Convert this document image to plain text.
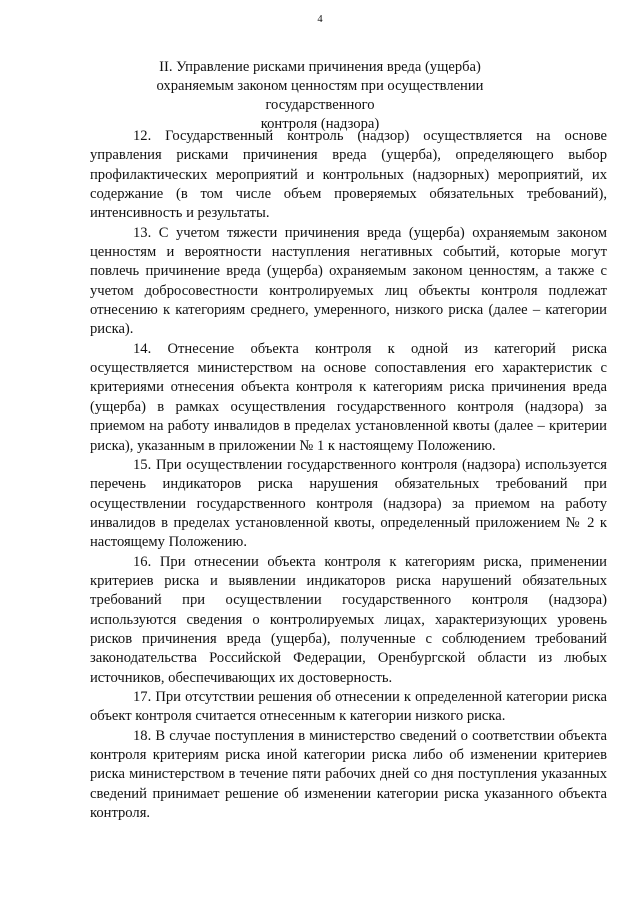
4
II. Управление рисками причинения вреда (ущерба)
охраняемым законом ценностям при осуществлении государственного
контроля (надзора)

12. Государственный контроль (надзор) осуществляется на основе управления рисками причинения вреда (ущерба), определяющего выбор профилактических мероприятий и контрольных (надзорных) мероприятий, их содержание (в том числе объем проверяемых обязательных требований), интенсивность и результаты.

13. С учетом тяжести причинения вреда (ущерба) охраняемым законом ценностям и вероятности наступления негативных событий, которые могут повлечь причинение вреда (ущерба) охраняемым законом ценностям, а также с учетом добросовестности контролируемых лиц объекты контроля подлежат отнесению к категориям среднего, умеренного, низкого риска (далее – категории риска).

14. Отнесение объекта контроля к одной из категорий риска осуществляется министерством на основе сопоставления его характеристик с критериями отнесения объекта контроля к категориям риска причинения вреда (ущерба) в рамках осуществления государственного контроля (надзора) за приемом на работу инвалидов в пределах установленной квоты (далее – критерии риска), указанным в приложении № 1 к настоящему Положению.

15. При осуществлении государственного контроля (надзора) используется перечень индикаторов риска нарушения обязательных требований при осуществлении государственного контроля (надзора) за приемом на работу инвалидов в пределах установленной квоты, определенный приложением № 2 к настоящему Положению.

16. При отнесении объекта контроля к категориям риска, применении критериев риска и выявлении индикаторов риска нарушений обязательных требований при осуществлении государственного контроля (надзора) используются сведения о контролируемых лицах, характеризующих уровень рисков причинения вреда (ущерба), полученные с соблюдением требований законодательства Российской Федерации, Оренбургской области из любых источников, обеспечивающих их достоверность.

17. При отсутствии решения об отнесении к определенной категории риска объект контроля считается отнесенным к категории низкого риска.

18. В случае поступления в министерство сведений о соответствии объекта контроля критериям риска иной категории риска либо об изменении критериев риска министерством в течение пяти рабочих дней со дня поступления указанных сведений принимает решение об изменении категории риска указанного объекта контроля.
